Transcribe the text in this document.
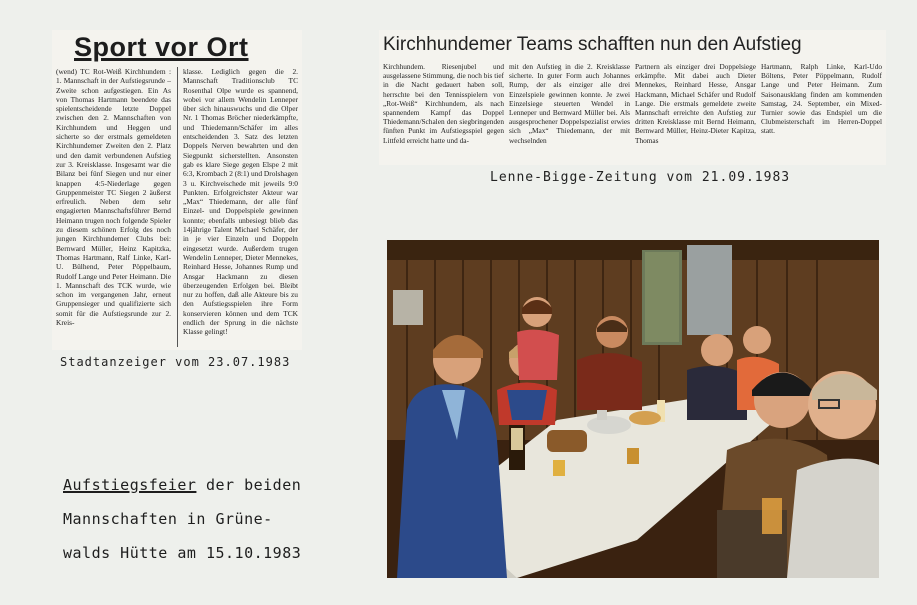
Sport vor Ort
(wend) TC Rot-Weiß Kirchhundem : 1. Mannschaft in der Aufstiegsrunde – Zweite schon aufgestiegen. Ein As von Thomas Hartmann beendete das spielentscheidende letzte Doppel zwischen den 2. Mannschaften von Kirchhundem und Heggen und sicherte so der erstmals gemeldeten Kirchhundemer Zweiten den 2. Platz und den damit verbundenen Aufstieg zur 3. Kreisklasse. Insgesamt war die Bilanz bei fünf Siegen und nur einer knappen 4:5-Niederlage gegen Gruppenmeister TC Siegen 2 äußerst erfreulich. Neben dem sehr engagierten Mannschaftsführer Bernd Heimann trugen noch folgende Spieler zu diesem schönen Erfolg des noch jungen Kirchhundemer Clubs bei: Bernward Müller, Heinz Kapitzka, Thomas Hartmann, Ralf Linke, Karl-U. Bülhend, Peter Pöppelbaum, Rudolf Lange und Peter Heimann. Die 1. Mannschaft des TCK wurde, wie schon im vergangenen Jahr, erneut Gruppensieger und qualifizierte sich somit für die Aufstiegsrunde zur 2. Kreis-
klasse. Lediglich gegen die 2. Mannschaft Traditionsclub TC Rosenthal Olpe wurde es spannend, wobei vor allem Wendelin Lenneper über sich hinauswuchs und die Olper Nr. 1 Thomas Bröcher niederkämpfte, und Thiedemann/Schäfer im alles entscheidenden 3. Satz des letzten Doppels Nerven bewahrten und den Siegpunkt sicherstellten. Ansonsten gab es klare Siege gegen Elspe 2 mit 6:3, Krombach 2 (8:1) und Drolshagen 3 u. Kirchveischede mit jeweils 9:0 Punkten. Erfolgreichster Akteur war „Max“ Thiedemann, der alle fünf Einzel- und Doppelspiele gewinnen konnte; ebenfalls unbesiegt blieb das 14jährige Talent Michael Schäfer, der in je vier Einzeln und Doppeln eingesetzt wurde. Außerdem trugen Wendelin Lenneper, Dieter Mennekes, Reinhard Hesse, Johannes Rump und Ansgar Hackmann zu diesen überzeugenden Erfolgen bei. Bleibt nur zu hoffen, daß alle Akteure bis zu den Aufstiegsspielen ihre Form konservieren können und dem TCK endlich der Sprung in die nächste Klasse gelingt!
Stadtanzeiger vom 23.07.1983
Kirchhundemer Teams schafften nun den Aufstieg
Kirchhundem. Riesenjubel und ausgelassene Stimmung, die noch bis tief in die Nacht gedauert haben soll, herrschte bei den Tennisspielern von „Rot-Weiß“ Kirchhundem, als nach spannendem Kampf das Doppel Thiedemann/Schalen den siegbringenden fünften Punkt im Aufstiegsspiel gegen Littfeld erreicht hatte und da-
mit den Aufstieg in die 2. Kreisklasse sicherte. In guter Form auch Johannes Rump, der als einziger alle drei Einzelspiele gewinnen konnte. Je zwei Einzelsiege steuerten Wendel in Lenneper und Bernward Müller bei. Als ausgesprochener Doppelspezialist erwies sich „Max“ Thiedemann, der mit wechselnden
Partnern als einziger drei Doppelsiege erkämpfte. Mit dabei auch Dieter Mennekes, Reinhard Hesse, Ansgar Hackmann, Michael Schäfer und Rudolf Lange. Die erstmals gemeldete zweite Mannschaft erreichte den Aufstieg zur dritten Kreisklasse mit Bernd Heimann, Bernward Müller, Heinz-Dieter Kapitza, Thomas
Hartmann, Ralph Linke, Karl-Udo Böltens, Peter Pöppelmann, Rudolf Lange und Peter Heimann. Zum Saisonausklang finden am kommenden Samstag, 24. September, ein Mixed-Turnier sowie das Endspiel um die Clubmeisterschaft im Herren-Doppel statt.
Lenne-Bigge-Zeitung vom 21.09.1983
Aufstiegsfeier der beiden
Mannschaften in Grüne-
walds Hütte am 15.10.1983
